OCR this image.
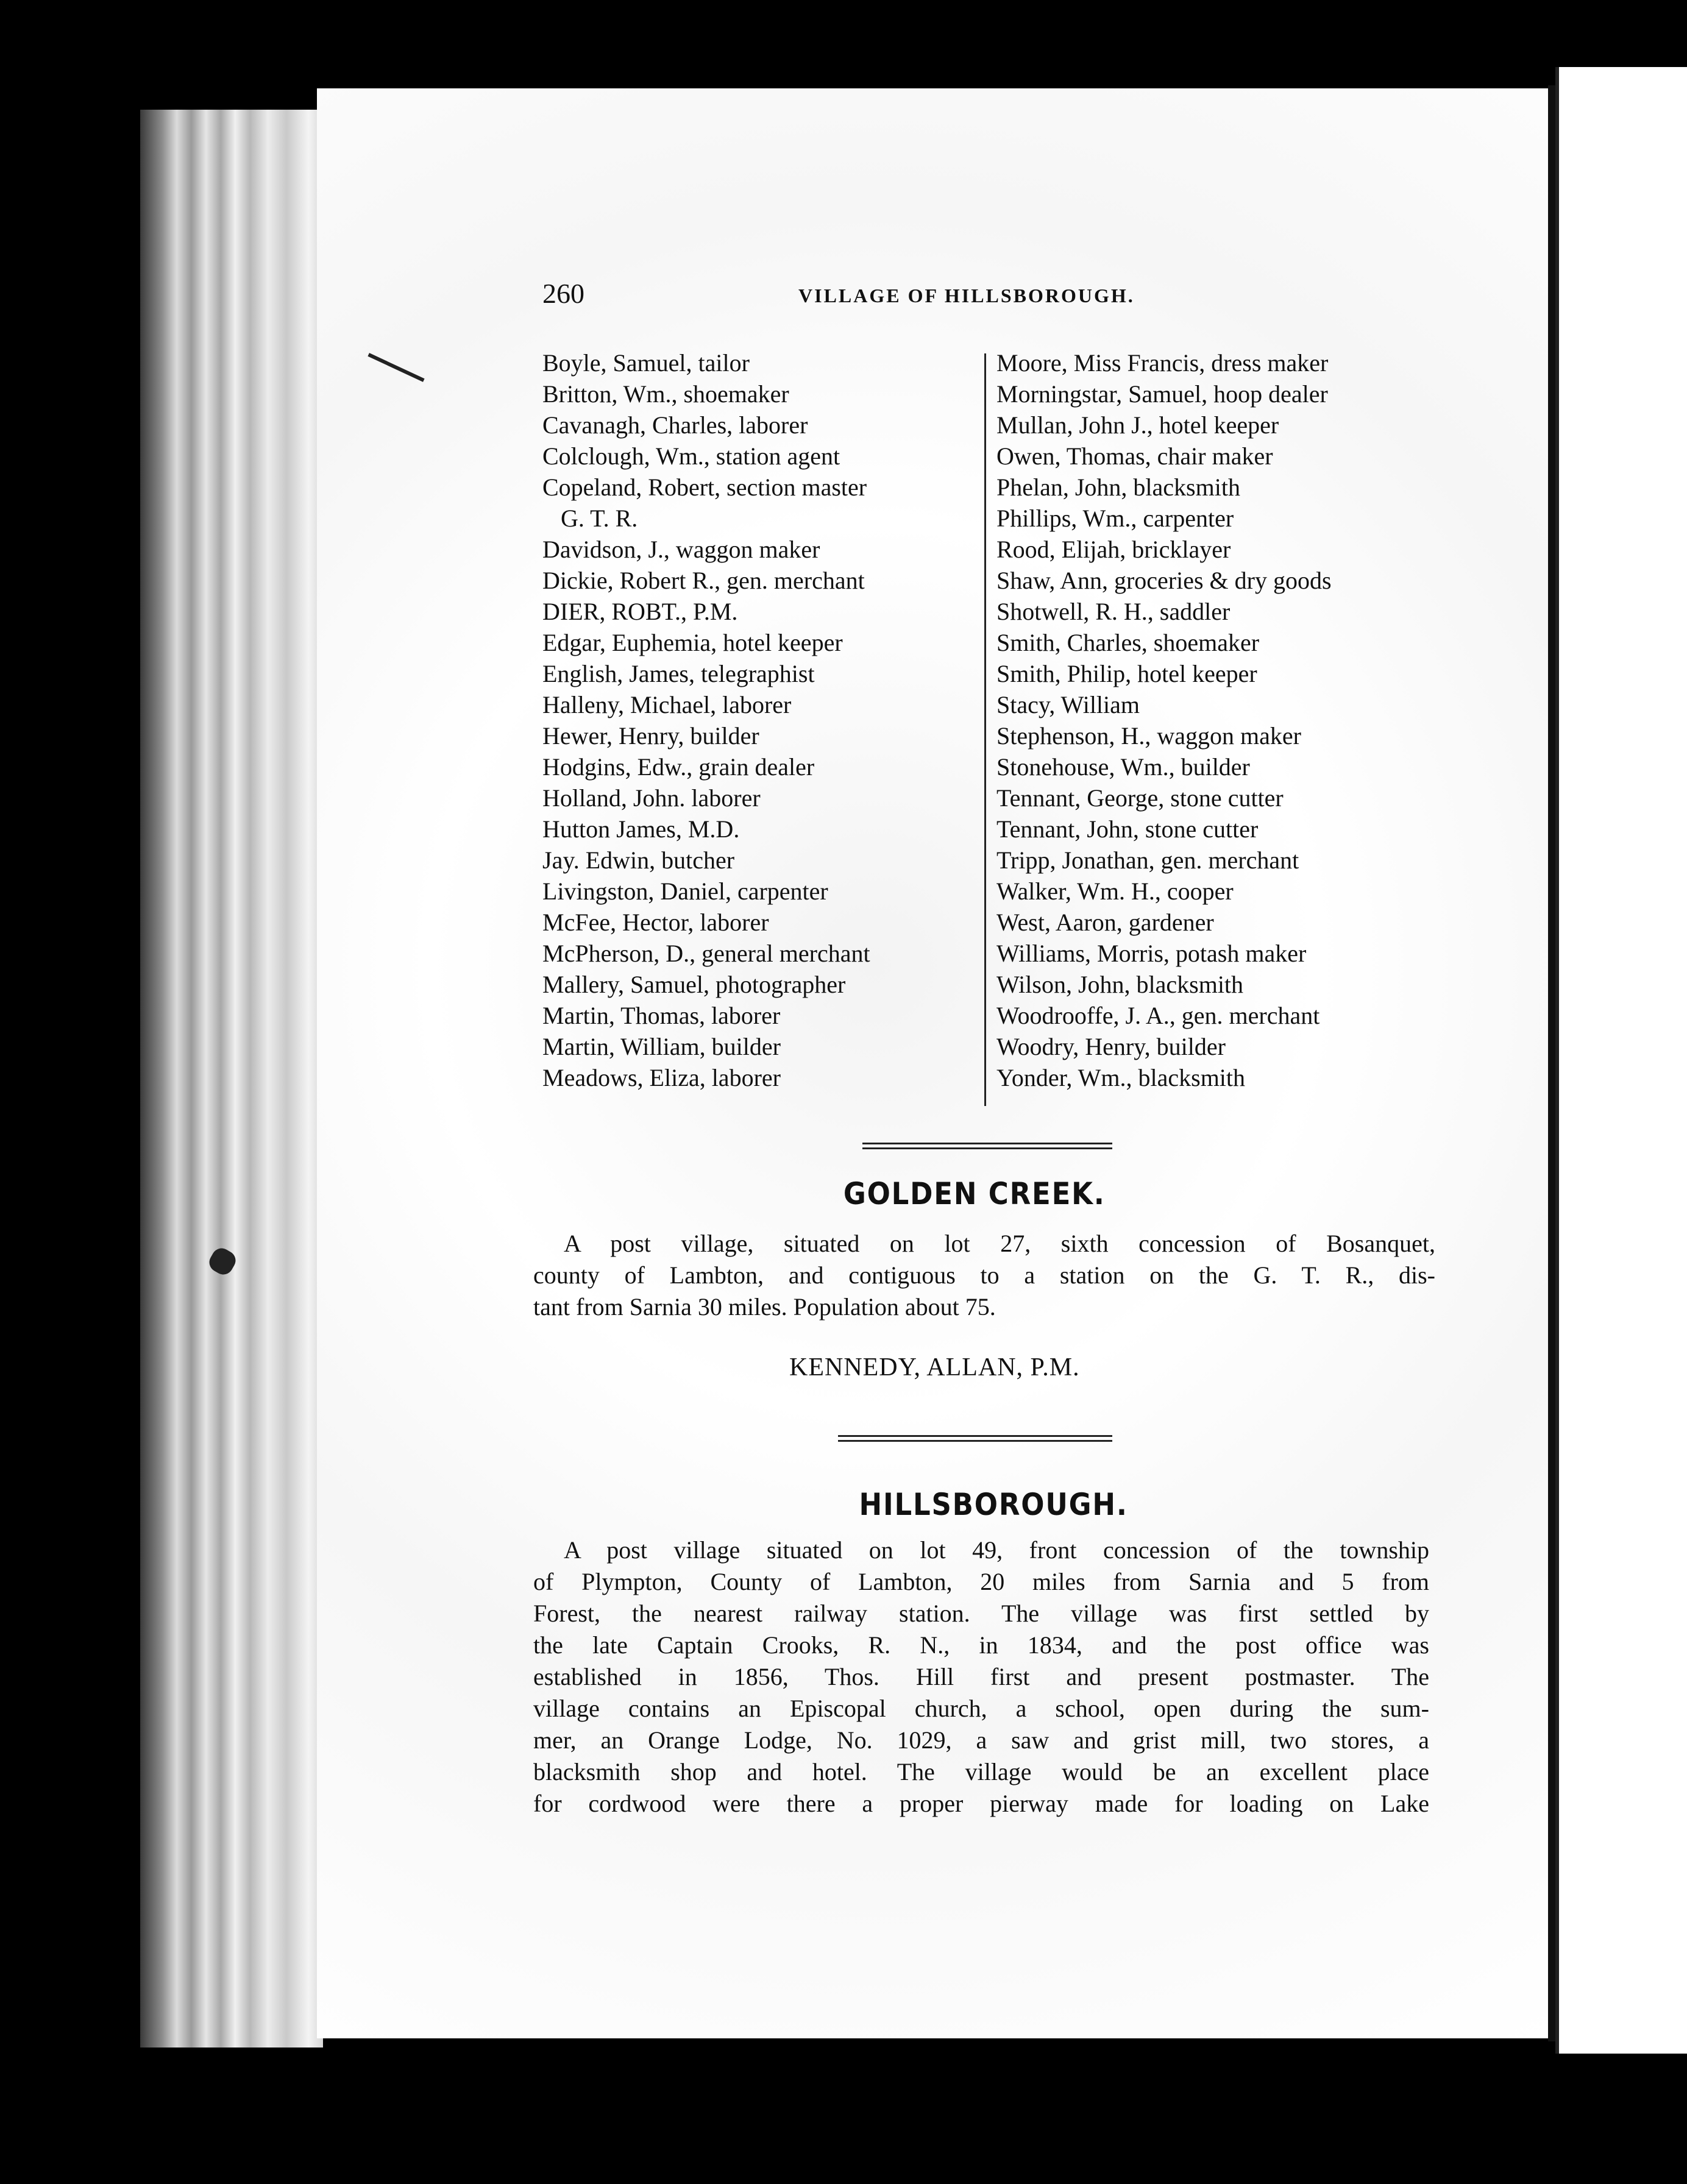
260	VILLAGE OF HILLSBOROUGH.
Boyle, Samuel, tailor
Britton, Wm., shoemaker
Cavanagh, Charles, laborer
Colclough, Wm., station agent
Copeland, Robert, section master
G. T. R.
Davidson, J., waggon maker
Dickie, Robert R., gen. merchant
DIER, ROBT., P.M.
Edgar, Euphemia, hotel keeper
English, James, telegraphist
Halleny, Michael, laborer
Hewer, Henry, builder
Hodgins, Edw., grain dealer
Holland, John. laborer
Hutton James, M.D.
Jay. Edwin, butcher
Livingston, Daniel, carpenter
McFee, Hector, laborer
McPherson, D., general merchant
Mallery, Samuel, photographer
Martin, Thomas, laborer
Martin, William, builder
Meadows, Eliza, laborer
Moore, Miss Francis, dress maker
Morningstar, Samuel, hoop dealer
Mullan, John J., hotel keeper
Owen, Thomas, chair maker
Phelan, John, blacksmith
Phillips, Wm., carpenter
Rood, Elijah, bricklayer
Shaw, Ann, groceries & dry goods
Shotwell, R. H., saddler
Smith, Charles, shoemaker
Smith, Philip, hotel keeper
Stacy, William
Stephenson, H., waggon maker
Stonehouse, Wm., builder
Tennant, George, stone cutter
Tennant, John, stone cutter
Tripp, Jonathan, gen. merchant
Walker, Wm. H., cooper
West, Aaron, gardener
Williams, Morris, potash maker
Wilson, John, blacksmith
Woodrooffe, J. A., gen. merchant
Woodry, Henry, builder
Yonder, Wm., blacksmith
GOLDEN CREEK.
A post village, situated on lot 27, sixth concession of Bosanquet,
county of Lambton, and contiguous to a station on the G. T. R., dis-
tant from Sarnia 30 miles. Population about 75.
KENNEDY, ALLAN, P.M.
HILLSBOROUGH.
A post village situated on lot 49, front concession of the township
of Plympton, County of Lambton, 20 miles from Sarnia and 5 from
Forest, the nearest railway station. The village was first settled by
the late Captain Crooks, R. N., in 1834, and the post office was
established in 1856, Thos. Hill first and present postmaster. The
village contains an Episcopal church, a school, open during the sum-
mer, an Orange Lodge, No. 1029, a saw and grist mill, two stores, a
blacksmith shop and hotel. The village would be an excellent place
for cordwood were there a proper pierway made for loading on Lake
